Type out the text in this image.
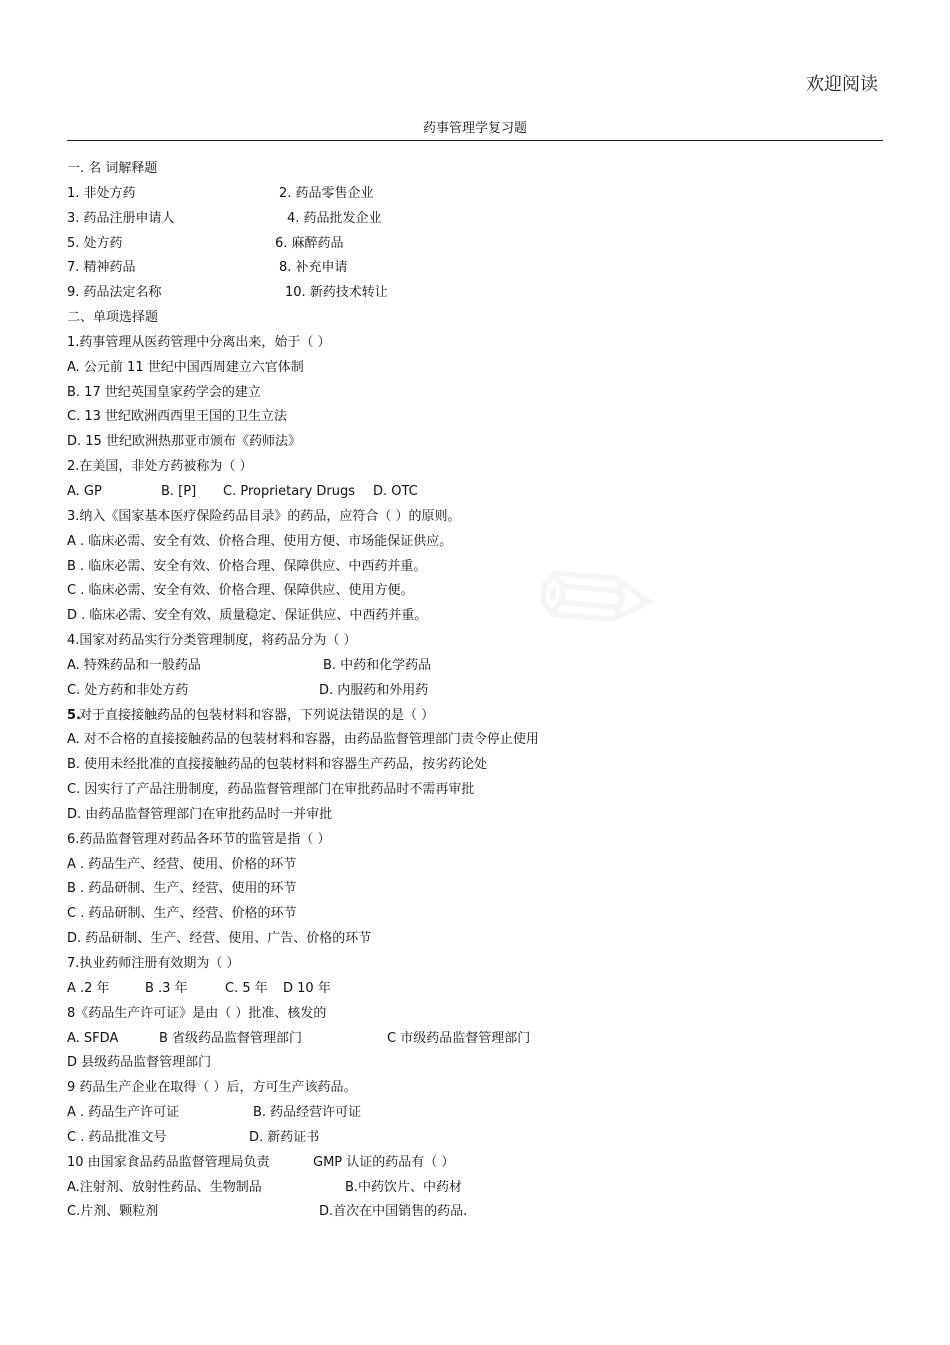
欢迎阅读
药事管理学复习题
一. 名 词解释题
1. 非处方药	2. 药品零售企业
3. 药品注册申请人	4. 药品批发企业
5. 处方药	6. 麻醉药品
7. 精神药品	8. 补充申请
9. 药品法定名称	10. 新药技术转让
二、单项选择题
1.药事管理从医药管理中分离出来，始于（ ）
A. 公元前 11 世纪中国西周建立六官体制
B. 17 世纪英国皇家药学会的建立
C. 13 世纪欧洲西西里王国的卫生立法
D. 15 世纪欧洲热那亚市颁布《药师法》
2.在美国，非处方药被称为（ ）
A. GP	B. [P] C. Proprietary Drugs D. OTC
3.纳入《国家基本医疗保险药品目录》的药品，应符合（ ）的原则。
A . 临床必需、安全有效、价格合理、使用方便、市场能保证供应。
B . 临床必需、安全有效、价格合理、保障供应、中西药并重。
C . 临床必需、安全有效、价格合理、保障供应、使用方便。
D . 临床必需、安全有效、质量稳定、保证供应、中西药并重。
4.国家对药品实行分类管理制度，将药品分为（ ）
A. 特殊药品和一般药品	B. 中药和化学药品
C. 处方药和非处方药	D. 内服药和外用药
5.
对于直接接触药品的包装材料和容器，下列说法错误的是（ ）
A. 对不合格的直接接触药品的包装材料和容器，由药品监督管理部门责令停止使用
B. 使用未经批准的直接接触药品的包装材料和容器生产药品，按劣药论处
C. 因实行了产品注册制度，药品监督管理部门在审批药品时不需再审批
D. 由药品监督管理部门在审批药品时一并审批
6.药品监督管理对药品各环节的监管是指（ ）
A . 药品生产、经营、使用、价格的环节
B . 药品研制、生产、经营、使用的环节
C . 药品研制、生产、经营、价格的环节
D. 药品研制、生产、经营、使用、广告、价格的环节
7.执业药师注册有效期为（ ）
A .2 年	B .3 年	C. 5 年 D 10 年
8《药品生产许可证》是由（ ）批准、核发的
A. SFDA	B 省级药品监督管理部门	C 市级药品监督管理部门
D 县级药品监督管理部门
9 药品生产企业在取得（ ）后，方可生产该药品。
A . 药品生产许可证	B. 药品经营许可证
C . 药品批准文号	D. 新药证书
10 由国家食品药品监督管理局负责	GMP 认证的药品有（ ）
A.注射剂、放射性药品、生物制品	B.中药饮片、中药材
C.片剂、颗粒剂	D.首次在中国销售的药品.
